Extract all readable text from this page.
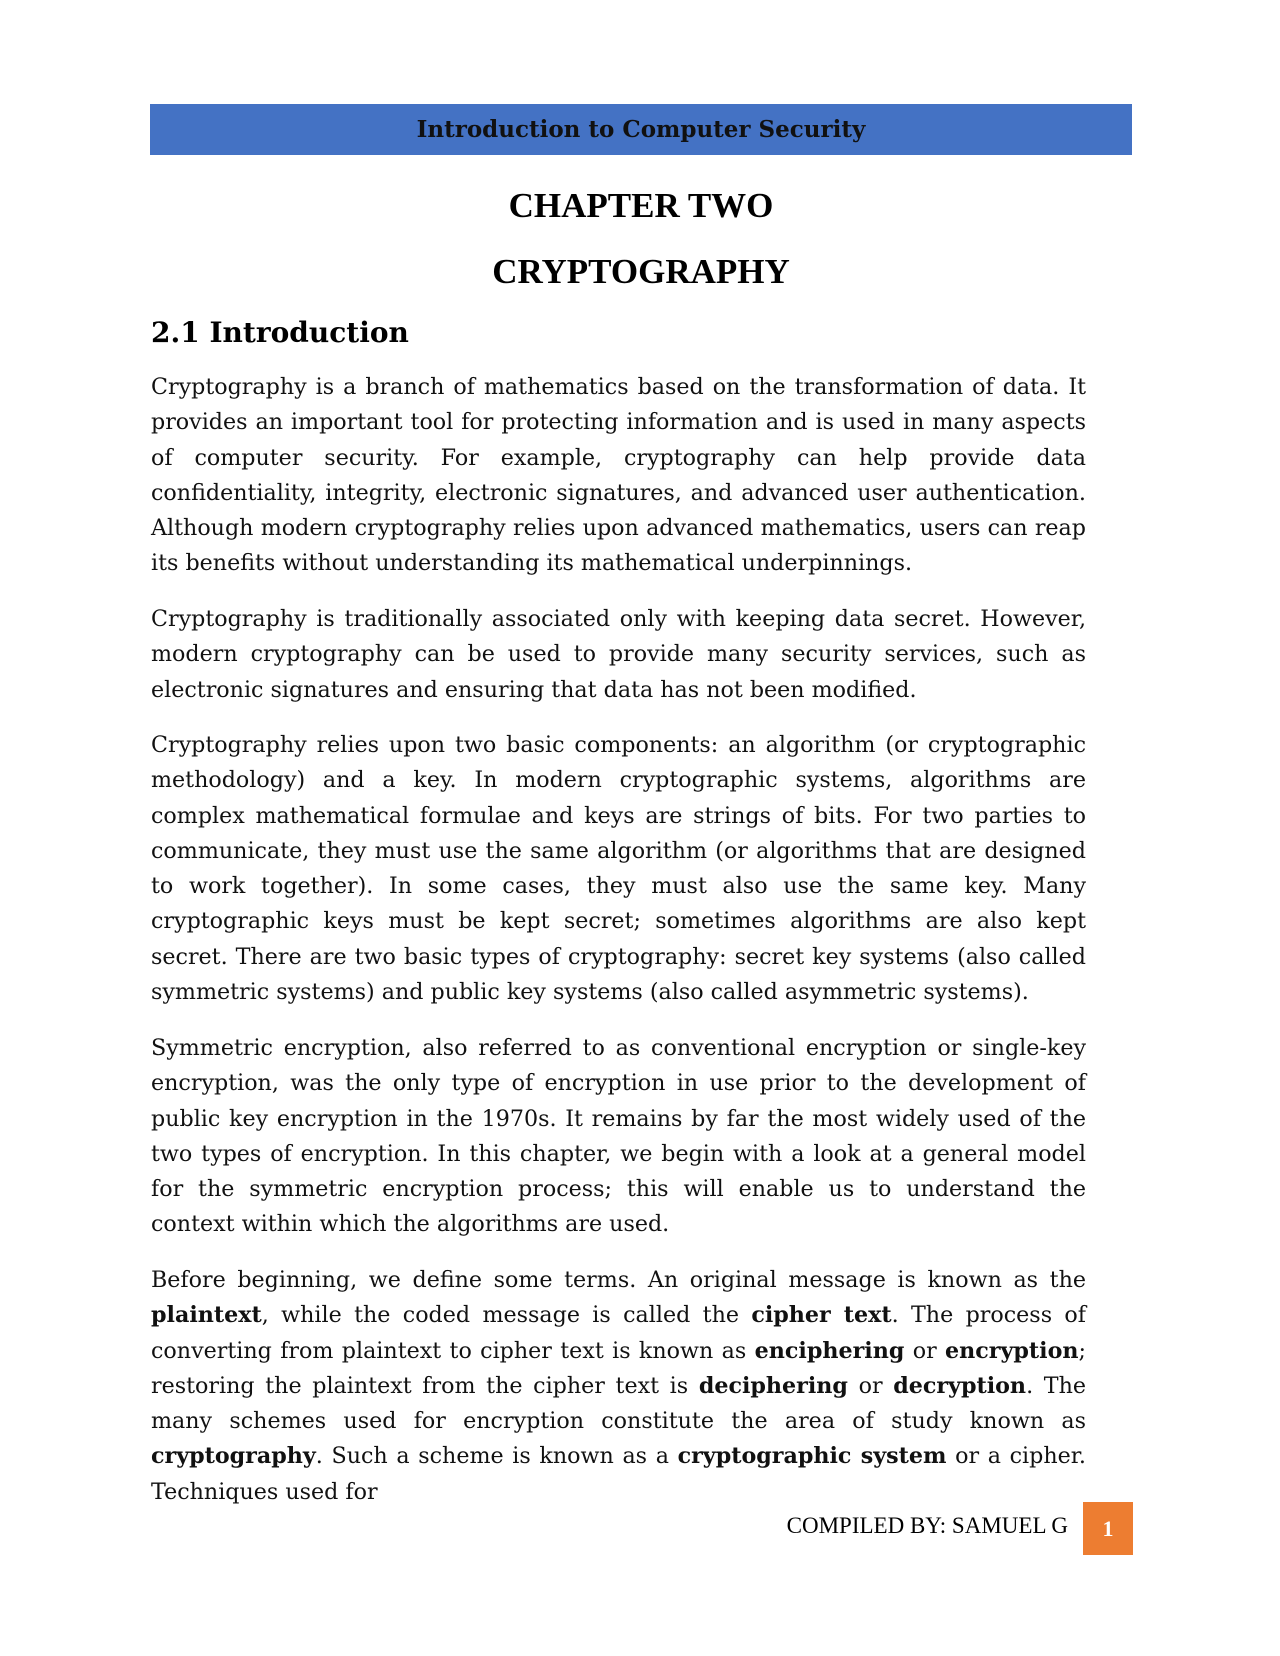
Introduction to Computer Security
CHAPTER TWO
CRYPTOGRAPHY
2.1 Introduction

Cryptography is a branch of mathematics based on the transformation of data. It provides an important tool for protecting information and is used in many aspects of computer security. For example, cryptography can help provide data confidentiality, integrity, electronic signatures, and advanced user authentication. Although modern cryptography relies upon advanced mathematics, users can reap its benefits without understanding its mathematical underpinnings.

Cryptography is traditionally associated only with keeping data secret. However, modern cryptography can be used to provide many security services, such as electronic signatures and ensuring that data has not been modified.

Cryptography relies upon two basic components: an algorithm (or cryptographic methodology) and a key. In modern cryptographic systems, algorithms are complex mathematical formulae and keys are strings of bits. For two parties to communicate, they must use the same algorithm (or algorithms that are designed to work together). In some cases, they must also use the same key. Many cryptographic keys must be kept secret; sometimes algorithms are also kept secret. There are two basic types of cryptography: secret key systems (also called symmetric systems) and public key systems (also called asymmetric systems).

Symmetric encryption, also referred to as conventional encryption or single-key encryption, was the only type of encryption in use prior to the development of public key encryption in the 1970s. It remains by far the most widely used of the two types of encryption. In this chapter, we begin with a look at a general model for the symmetric encryption process; this will enable us to understand the context within which the algorithms are used.

Before beginning, we define some terms. An original message is known as the plaintext, while the coded message is called the cipher text. The process of converting from plaintext to cipher text is known as enciphering or encryption; restoring the plaintext from the cipher text is deciphering or decryption. The many schemes used for encryption constitute the area of study known as cryptography. Such a scheme is known as a cryptographic system or a cipher. Techniques used for

COMPILED BY: SAMUEL G 1
